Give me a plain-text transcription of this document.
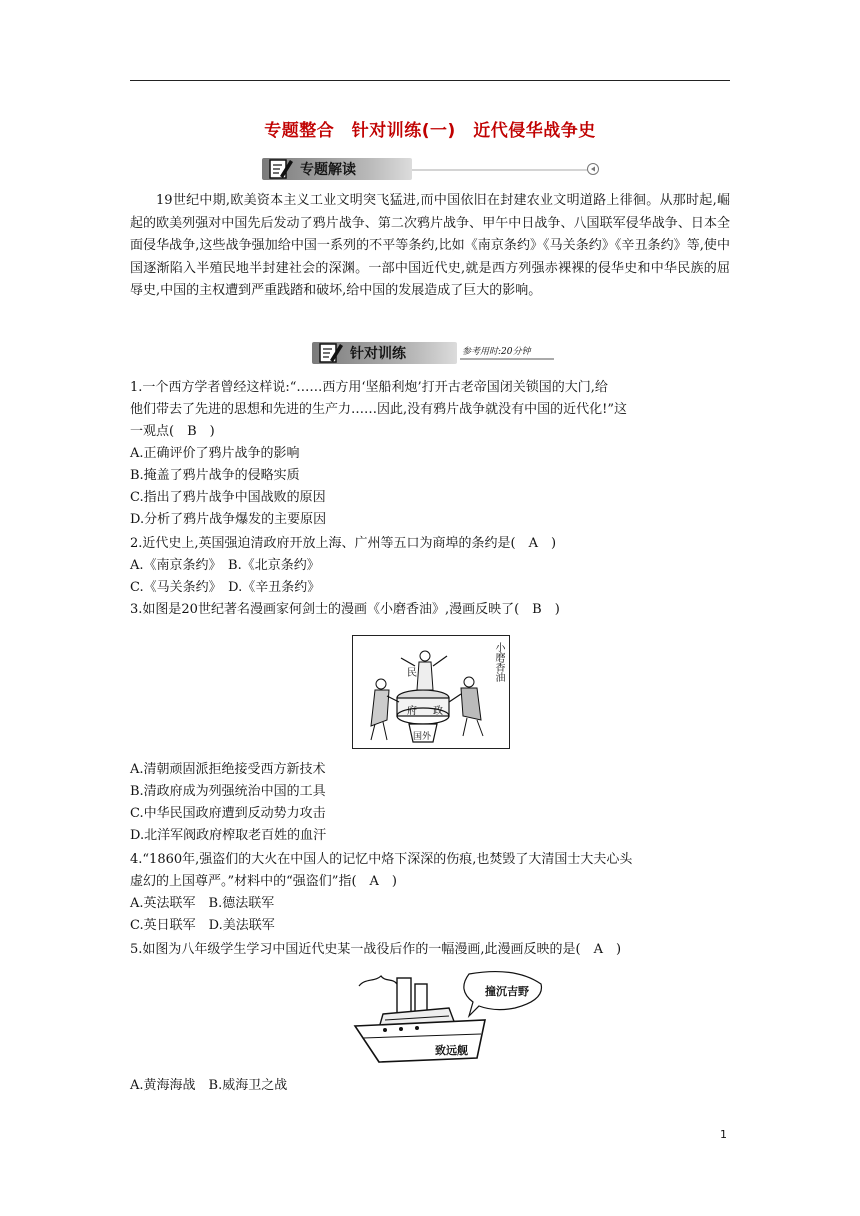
专题整合　针对训练(一)　近代侵华战争史
专题解读
19世纪中期,欧美资本主义工业文明突飞猛进,而中国依旧在封建农业文明道路上徘徊。从那时起,崛起的欧美列强对中国先后发动了鸦片战争、第二次鸦片战争、甲午中日战争、八国联军侵华战争、日本全面侵华战争,这些战争强加给中国一系列的不平等条约,比如《南京条约》《马关条约》《辛丑条约》等,使中国逐渐陷入半殖民地半封建社会的深渊。一部中国近代史,就是西方列强赤裸裸的侵华史和中华民族的屈辱史,中国的主权遭到严重践踏和破坏,给中国的发展造成了巨大的影响。
针对训练	参考用时:20分钟
1.一个西方学者曾经这样说:“……西方用‘坚船利炮’打开古老帝国闭关锁国的大门,给
他们带去了先进的思想和先进的生产力……因此,没有鸦片战争就没有中国的近代化!”这
一观点(　B　)
A.正确评价了鸦片战争的影响
B.掩盖了鸦片战争的侵略实质
C.指出了鸦片战争中国战败的原因
D.分析了鸦片战争爆发的主要原因
2.近代史上,英国强迫清政府开放上海、广州等五口为商埠的条约是(　A　)
A.《南京条约》　B.《北京条约》
C.《马关条约》　D.《辛丑条约》
3.如图是20世纪著名漫画家何剑士的漫画《小磨香油》,漫画反映了(　B　)
民
府 政
国外
小磨香油
A.清朝顽固派拒绝接受西方新技术
B.清政府成为列强统治中国的工具
C.中华民国政府遭到反动势力攻击
D.北洋军阀政府榨取老百姓的血汗
4.“1860年,强盗们的大火在中国人的记忆中烙下深深的伤痕,也焚毁了大清国士大夫心头
虚幻的上国尊严。”材料中的“强盗们”指(　A　)
A.英法联军　B.德法联军
C.英日联军　D.美法联军
5.如图为八年级学生学习中国近代史某一战役后作的一幅漫画,此漫画反映的是(　A　)
撞沉吉野
致远舰
A.黄海海战　B.威海卫之战
1
